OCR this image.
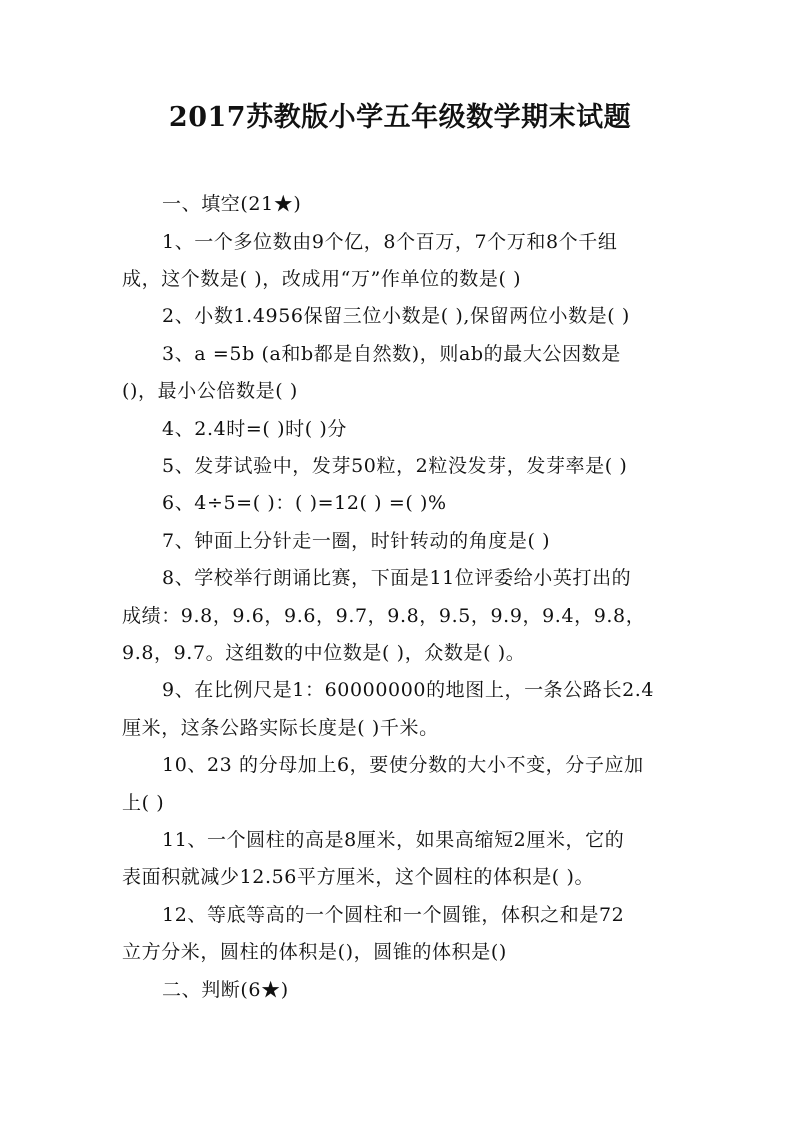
2017苏教版小学五年级数学期末试题
一、填空(21★)
1、一个多位数由9个亿，8个百万，7个万和8个千组
成，这个数是( )，改成用“万”作单位的数是( )
2、小数1.4956保留三位小数是( ),保留两位小数是( )
3、a =5b (a和b都是自然数)，则ab的最大公因数是
()，最小公倍数是( )
4、2.4时=( )时( )分
5、发芽试验中，发芽50粒，2粒没发芽，发芽率是( )
6、4÷5=( )：( )=12( ) =( )%
7、钟面上分针走一圈，时针转动的角度是( )
8、学校举行朗诵比赛，下面是11位评委给小英打出的
成绩：9.8，9.6，9.6，9.7，9.8，9.5，9.9，9.4，9.8，
9.8，9.7。这组数的中位数是( )，众数是( )。
9、在比例尺是1：60000000的地图上，一条公路长2.4
厘米，这条公路实际长度是( )千米。
10、23 的分母加上6，要使分数的大小不变，分子应加
上( )
11、一个圆柱的高是8厘米，如果高缩短2厘米，它的
表面积就减少12.56平方厘米，这个圆柱的体积是( )。
12、等底等高的一个圆柱和一个圆锥，体积之和是72
立方分米，圆柱的体积是()，圆锥的体积是()
二、判断(6★)
